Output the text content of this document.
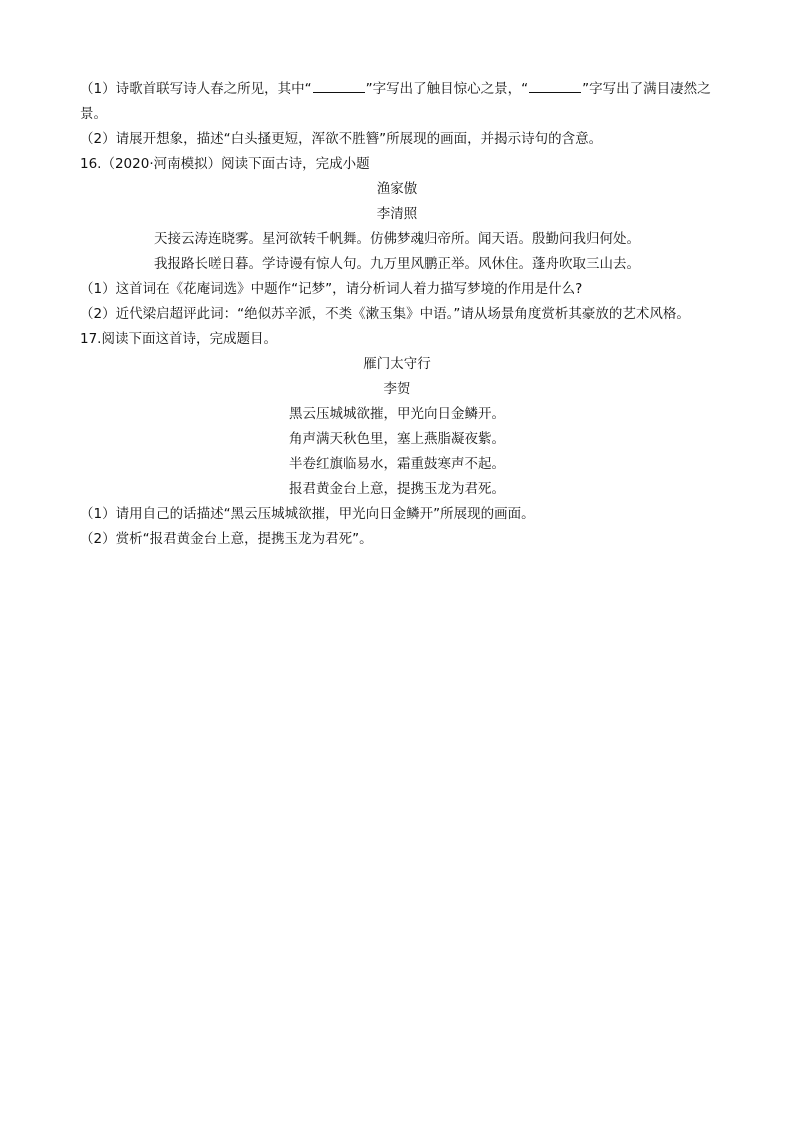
（1）诗歌首联写诗人春之所见，其中“	”字写出了触目惊心之景，“	”字写出了满目凄然之
景。
（2）请展开想象，描述“白头搔更短，浑欲不胜簪”所展现的画面，并揭示诗句的含意。
16.（2020·河南模拟）阅读下面古诗，完成小题
渔家傲
李清照
天接云涛连晓雾。星河欲转千帆舞。仿佛梦魂归帝所。闻天语。殷勤问我归何处。
我报路长嗟日暮。学诗谩有惊人句。九万里风鹏正举。风休住。蓬舟吹取三山去。
（1）这首词在《花庵词选》中题作“记梦”，请分析词人着力描写梦境的作用是什么?
（2）近代梁启超评此词：“绝似苏辛派，不类《漱玉集》中语。”请从场景角度赏析其豪放的艺术风格。
17.阅读下面这首诗，完成题目。
雁门太守行
李贺
黑云压城城欲摧，甲光向日金鳞开。
角声满天秋色里，塞上燕脂凝夜紫。
半卷红旗临易水，霜重鼓寒声不起。
报君黄金台上意，提携玉龙为君死。
（1）请用自己的话描述“黑云压城城欲摧，甲光向日金鳞开”所展现的画面。
（2）赏析“报君黄金台上意，提携玉龙为君死”。
